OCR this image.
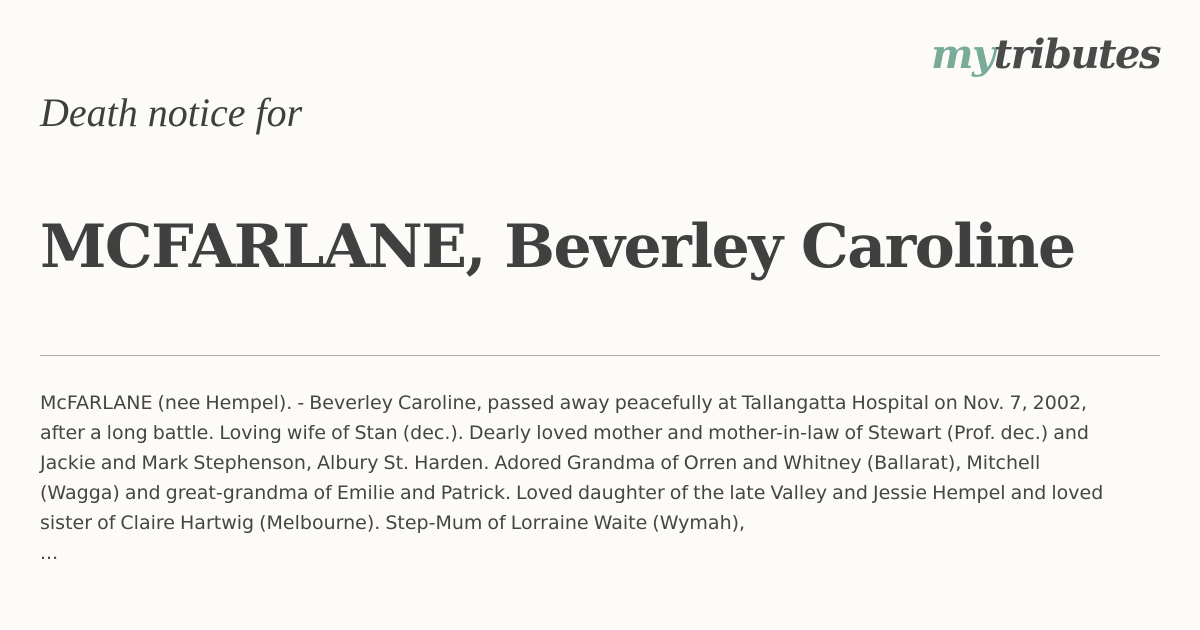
mytributes
Death notice for
MCFARLANE, Beverley Caroline

McFARLANE (nee Hempel). - Beverley Caroline, passed away peacefully at Tallangatta Hospital on Nov. 7, 2002, after a long battle. Loving wife of Stan (dec.). Dearly loved mother and mother-in-law of Stewart (Prof. dec.) and Jackie and Mark Stephenson, Albury St. Harden. Adored Grandma of Orren and Whitney (Ballarat), Mitchell (Wagga) and great-grandma of Emilie and Patrick. Loved daughter of the late Valley and Jessie Hempel and loved sister of Claire Hartwig (Melbourne). Step-Mum of Lorraine Waite (Wymah),

...
